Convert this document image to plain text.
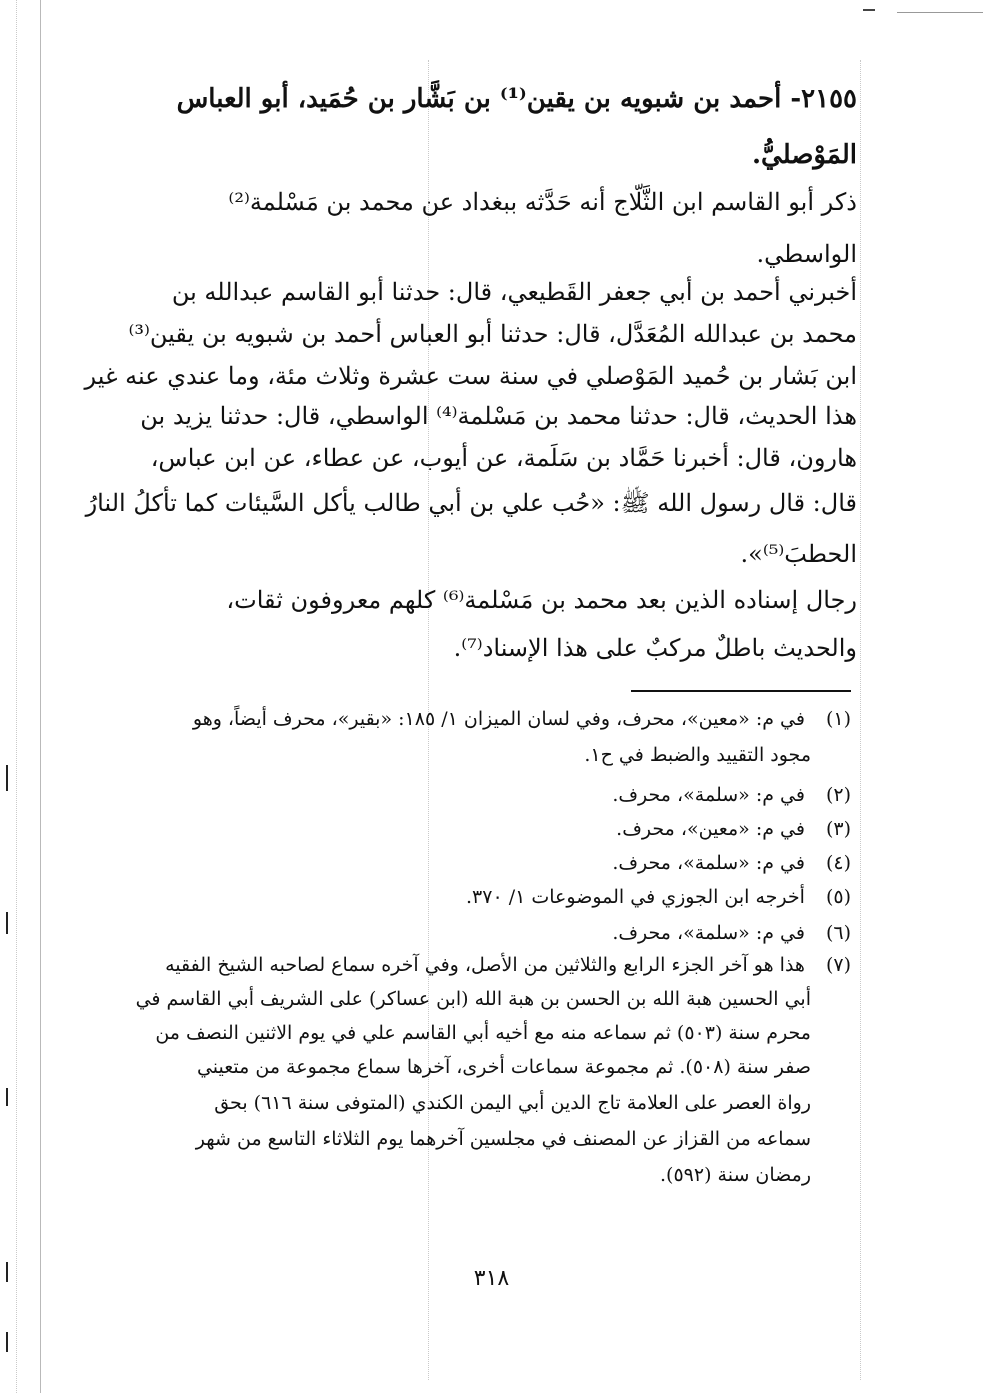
٢١٥٥- أحمد بن شبويه بن يقين⁽¹⁾ بن بَشَّار بن حُمَيد، أبو العباس
المَوْصليُّ.
ذكر أبو القاسم ابن الثَّلّاج أنه حَدَّثه ببغداد عن محمد بن مَسْلمة⁽²⁾
الواسطي.
أخبرني أحمد بن أبي جعفر القَطيعي، قال: حدثنا أبو القاسم عبدالله بن
محمد بن عبدالله المُعَدَّل، قال: حدثنا أبو العباس أحمد بن شبويه بن يقين⁽³⁾
ابن بَشار بن حُميد المَوْصلي في سنة ست عشرة وثلاث مئة، وما عندي عنه غير
هذا الحديث، قال: حدثنا محمد بن مَسْلمة⁽⁴⁾ الواسطي، قال: حدثنا يزيد بن
هارون، قال: أخبرنا حَمَّاد بن سَلَمة، عن أيوب، عن عطاء، عن ابن عباس،
قال: قال رسول الله ﷺ: «حُب علي بن أبي طالب يأكل السَّيئات كما تأكلُ النارُ
الحطبَ⁽⁵⁾».
رجال إسناده الذين بعد محمد بن مَسْلمة⁽⁶⁾ كلهم معروفون ثقات،
والحديث باطلٌ مركبٌ على هذا الإسناد⁽⁷⁾.
(١) في م: «معين»، محرف، وفي لسان الميزان ١/ ١٨٥: «بقير»، محرف أيضاً، وهو
مجود التقييد والضبط في ح١.
(٢) في م: «سلمة»، محرف.
(٣) في م: «معين»، محرف.
(٤) في م: «سلمة»، محرف.
(٥) أخرجه ابن الجوزي في الموضوعات ١/ ٣٧٠.
(٦) في م: «سلمة»، محرف.
(٧) هذا هو آخر الجزء الرابع والثلاثين من الأصل، وفي آخره سماع لصاحبه الشيخ الفقيه
أبي الحسين هبة الله بن الحسن بن هبة الله (ابن عساكر) على الشريف أبي القاسم في
محرم سنة (٥٠٣) ثم سماعه منه مع أخيه أبي القاسم علي في يوم الاثنين النصف من
صفر سنة (٥٠٨). ثم مجموعة سماعات أخرى، آخرها سماع مجموعة من متعيني
رواة العصر على العلامة تاج الدين أبي اليمن الكندي (المتوفى سنة ٦١٦) بحق
سماعه من القزاز عن المصنف في مجلسين آخرهما يوم الثلاثاء التاسع من شهر
رمضان سنة (٥٩٢).
٣١٨
